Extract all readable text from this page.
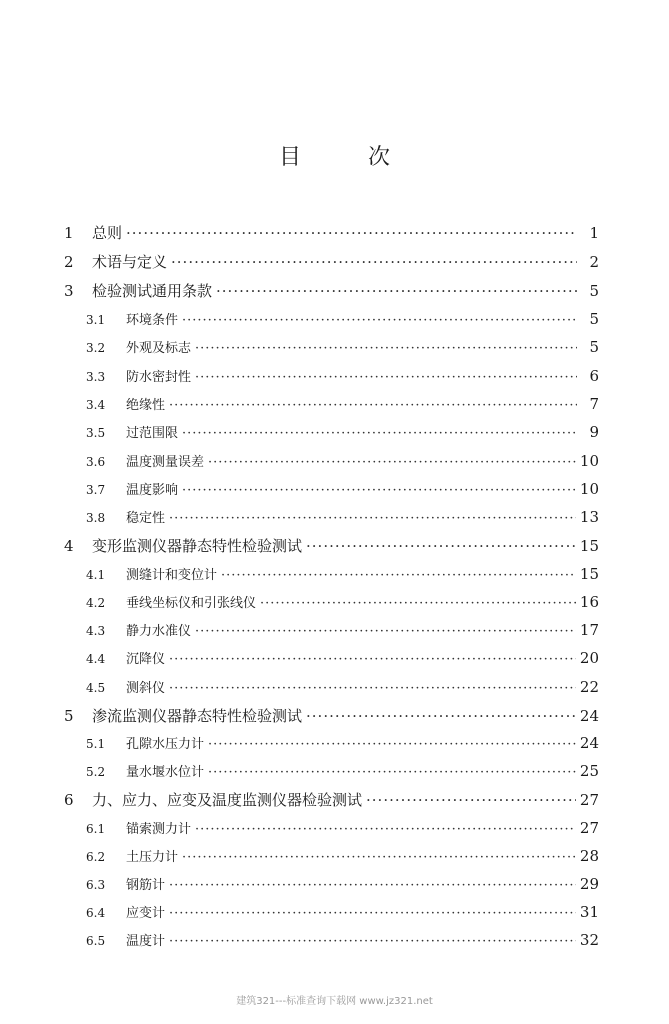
目	次
1 总则 ·····	1
2 术语与定义 ·····	2
3 检验测试通用条款 ·····	5
3.1	环境条件 ·····	5
3.2	外观及标志 ·····	5
3.3	防水密封性 ·····	6
3.4	绝缘性 ·····	7
3.5	过范围限 ·····	9
3.6	温度测量误差 ·····	10
3.7	温度影响 ·····	10
3.8	稳定性 ·····	13
4 变形监测仪器静态特性检验测试 ·····	15
4.1	测缝计和变位计 ·····	15
4.2	垂线坐标仪和引张线仪 ·····	16
4.3	静力水准仪 ·····	17
4.4	沉降仪 ·····	20
4.5	测斜仪 ·····	22
5 渗流监测仪器静态特性检验测试 ·····	24
5.1	孔隙水压力计 ·····	24
5.2	量水堰水位计 ·····	25
6 力、应力、应变及温度监测仪器检验测试 ·····	27
6.1	锚索测力计 ·····	27
6.2	土压力计 ·····	28
6.3	钢筋计 ·····	29
6.4	应变计 ·····	31
6.5	温度计 ·····	32
建筑321---标准查询下载网 www.jz321.net
